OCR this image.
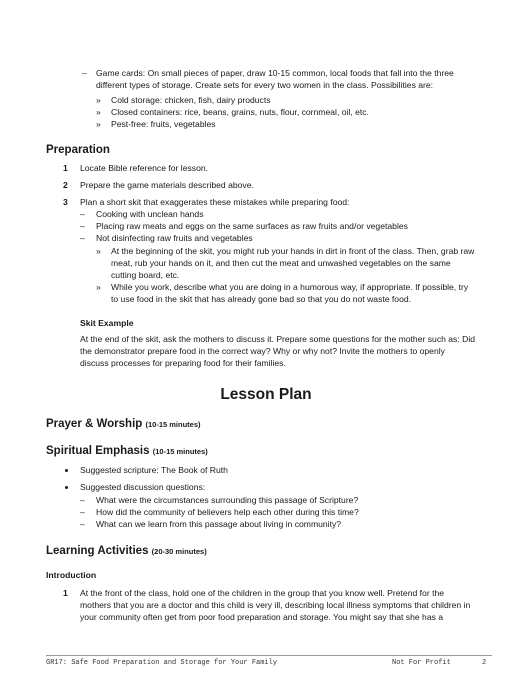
– Game cards: On small pieces of paper, draw 10-15 common, local foods that fall into the three
different types of storage. Create sets for every two women in the class. Possibilities are:
» Cold storage: chicken, fish, dairy products
» Closed containers: rice, beans, grains, nuts, flour, cornmeal, oil, etc.
» Pest-free: fruits, vegetables
Preparation
1 Locate Bible reference for lesson.
2 Prepare the game materials described above.
3 Plan a short skit that exaggerates these mistakes while preparing food:
– Cooking with unclean hands
– Placing raw meats and eggs on the same surfaces as raw fruits and/or vegetables
– Not disinfecting raw fruits and vegetables
» At the beginning of the skit, you might rub your hands in dirt in front of the class. Then, grab raw
meat, rub your hands on it, and then cut the meat and unwashed vegetables on the same
cutting board, etc.
» While you work, describe what you are doing in a humorous way, if appropriate. If possible, try
to use food in the skit that has already gone bad so that you do not waste food.
Skit Example
At the end of the skit, ask the mothers to discuss it. Prepare some questions for the mother such as: Did
the demonstrator prepare food in the correct way? Why or why not? Invite the mothers to openly
discuss processes for preparing food for their families.
Lesson Plan
Prayer & Worship (10-15 minutes)
Spiritual Emphasis (10-15 minutes)
Suggested scripture: The Book of Ruth
Suggested discussion questions:
– What were the circumstances surrounding this passage of Scripture?
– How did the community of believers help each other during this time?
– What can we learn from this passage about living in community?
Learning Activities (20-30 minutes)
Introduction
1 At the front of the class, hold one of the children in the group that you know well. Pretend for the
mothers that you are a doctor and this child is very ill, describing local illness symptoms that children in
your community often get from poor food preparation and storage. You might say that she has a
GR17: Safe Food Preparation and Storage for Your Family	Not For Profit	2
